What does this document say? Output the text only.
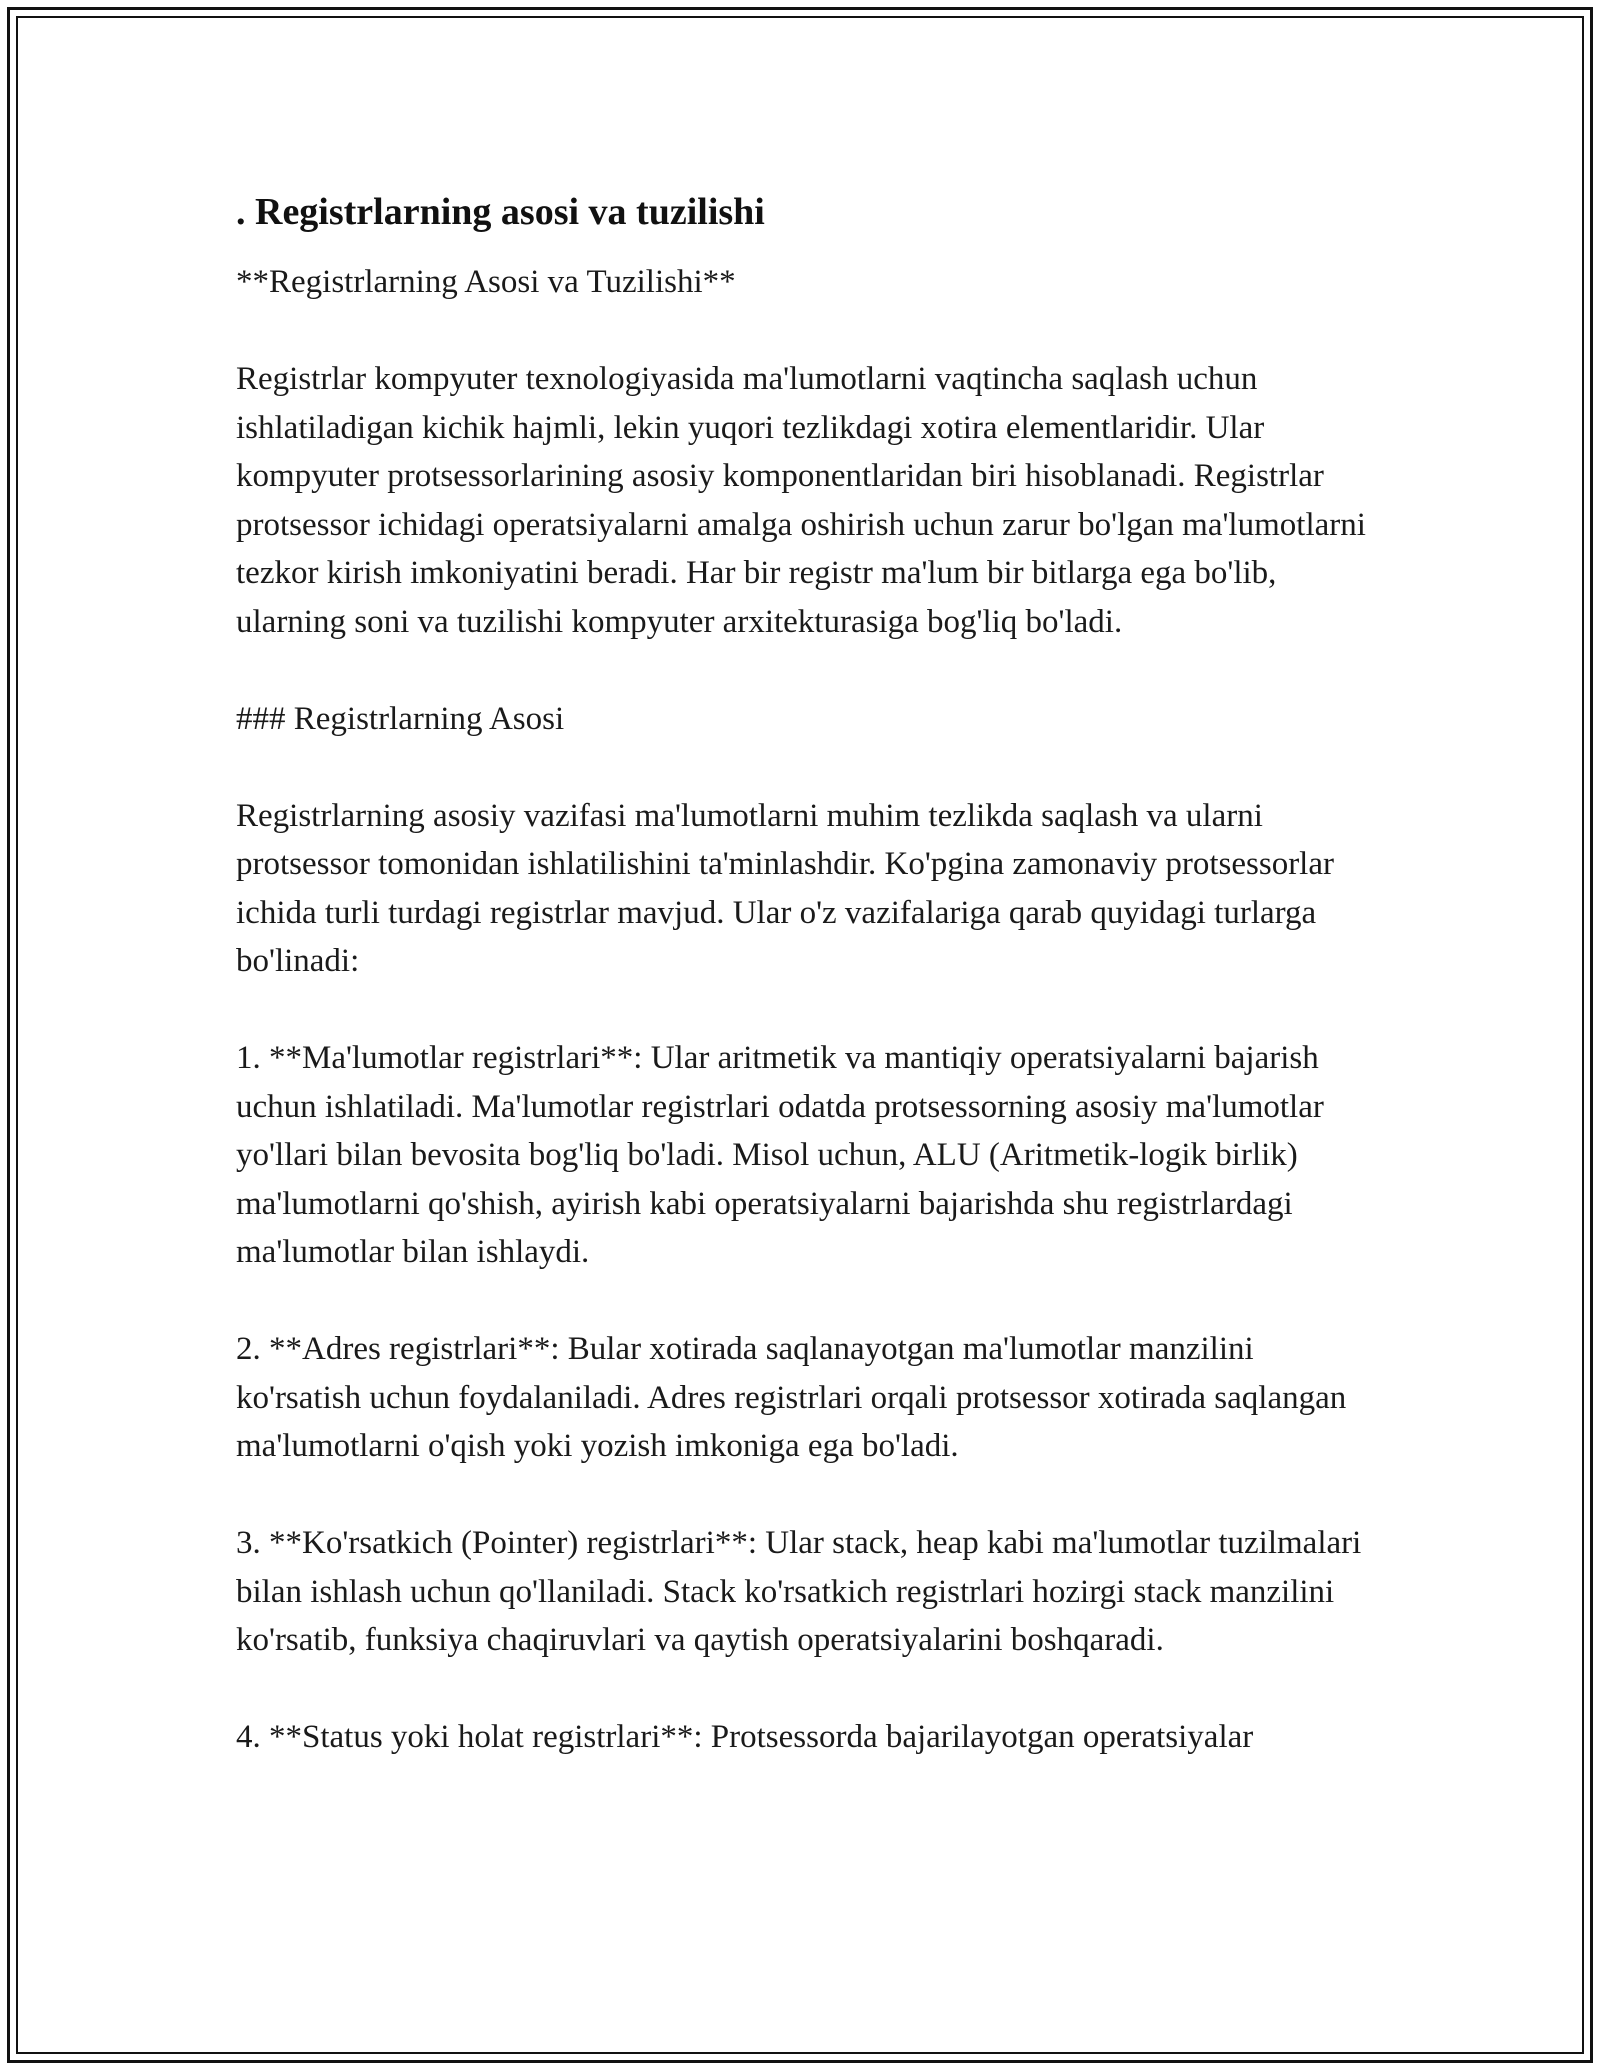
. Registrlarning asosi va tuzilishi

**Registrlarning Asosi va Tuzilishi**

Registrlar kompyuter texnologiyasida ma'lumotlarni vaqtincha saqlash uchun ishlatiladigan kichik hajmli, lekin yuqori tezlikdagi xotira elementlaridir. Ular kompyuter protsessorlarining asosiy komponentlaridan biri hisoblanadi. Registrlar protsessor ichidagi operatsiyalarni amalga oshirish uchun zarur bo'lgan ma'lumotlarni tezkor kirish imkoniyatini beradi. Har bir registr ma'lum bir bitlarga ega bo'lib, ularning soni va tuzilishi kompyuter arxitekturasiga bog'liq bo'ladi.

### Registrlarning Asosi

Registrlarning asosiy vazifasi ma'lumotlarni muhim tezlikda saqlash va ularni protsessor tomonidan ishlatilishini ta'minlashdir. Ko'pgina zamonaviy protsessorlar ichida turli turdagi registrlar mavjud. Ular o'z vazifalariga qarab quyidagi turlarga bo'linadi:

1. **Ma'lumotlar registrlari**: Ular aritmetik va mantiqiy operatsiyalarni bajarish uchun ishlatiladi. Ma'lumotlar registrlari odatda protsessorning asosiy ma'lumotlar yo'llari bilan bevosita bog'liq bo'ladi. Misol uchun, ALU (Aritmetik-logik birlik) ma'lumotlarni qo'shish, ayirish kabi operatsiyalarni bajarishda shu registrlardagi ma'lumotlar bilan ishlaydi.

2. **Adres registrlari**: Bular xotirada saqlanayotgan ma'lumotlar manzilini ko'rsatish uchun foydalaniladi. Adres registrlari orqali protsessor xotirada saqlangan ma'lumotlarni o'qish yoki yozish imkoniga ega bo'ladi.

3. **Ko'rsatkich (Pointer) registrlari**: Ular stack, heap kabi ma'lumotlar tuzilmalari bilan ishlash uchun qo'llaniladi. Stack ko'rsatkich registrlari hozirgi stack manzilini ko'rsatib, funksiya chaqiruvlari va qaytish operatsiyalarini boshqaradi.

4. **Status yoki holat registrlari**: Protsessorda bajarilayotgan operatsiyalar
